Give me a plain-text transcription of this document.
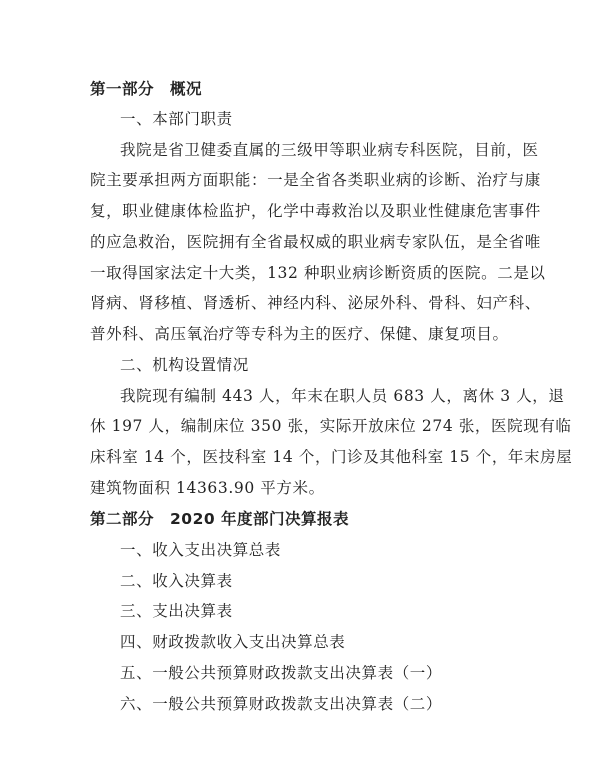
第一部分　概况
一、本部门职责
我院是省卫健委直属的三级甲等职业病专科医院，目前，医
院主要承担两方面职能：一是全省各类职业病的诊断、治疗与康
复，职业健康体检监护，化学中毒救治以及职业性健康危害事件
的应急救治，医院拥有全省最权威的职业病专家队伍，是全省唯
一取得国家法定十大类，132 种职业病诊断资质的医院。二是以
肾病、肾移植、肾透析、神经内科、泌尿外科、骨科、妇产科、
普外科、高压氧治疗等专科为主的医疗、保健、康复项目。
二、机构设置情况
我院现有编制 443 人，年末在职人员 683 人，离休 3 人，退
休 197 人，编制床位 350 张，实际开放床位 274 张，医院现有临
床科室 14 个，医技科室 14 个，门诊及其他科室 15 个，年末房屋
建筑物面积 14363.90 平方米。
第二部分　2020 年度部门决算报表
一、收入支出决算总表
二、收入决算表
三、支出决算表
四、财政拨款收入支出决算总表
五、一般公共预算财政拨款支出决算表（一）
六、一般公共预算财政拨款支出决算表（二）
